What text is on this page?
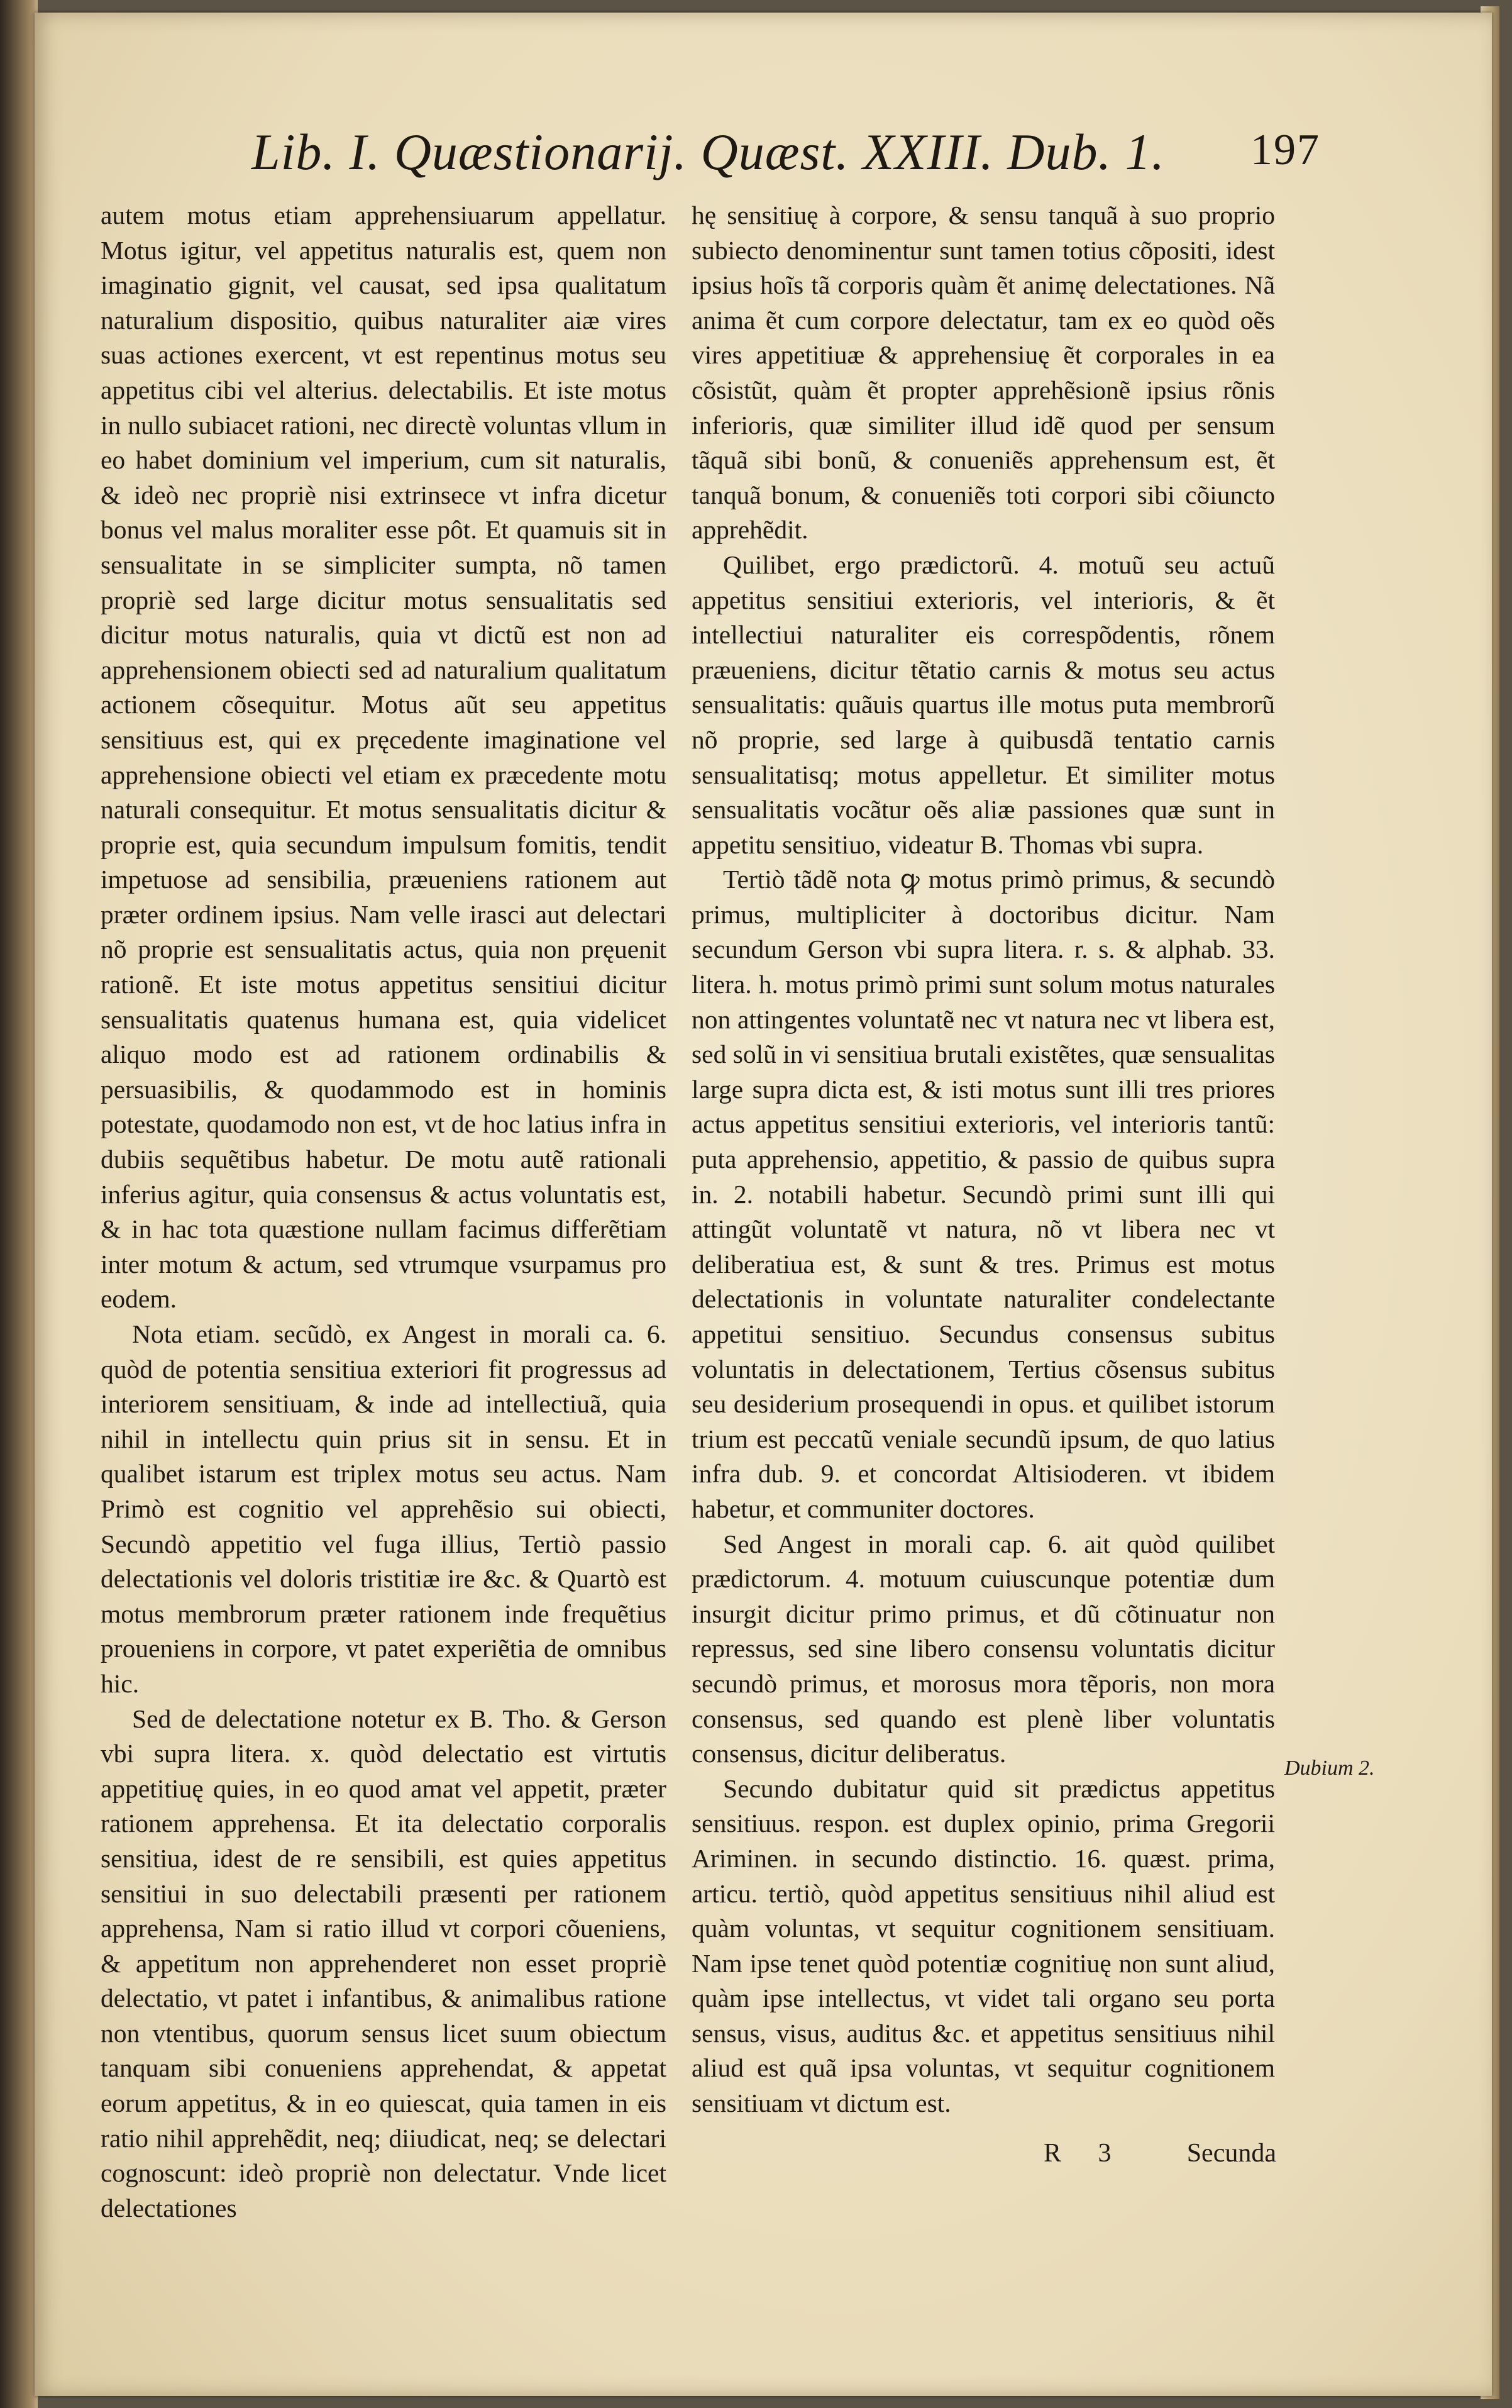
Lib. I. Quæstionarij. Quæst. XXIII. Dub. 1. 197

autem motus etiam apprehensiuarum appellatur. Motus igitur, vel appetitus naturalis est, quem non imaginatio gignit, vel causat, sed ipsa qualitatum naturalium dispositio, quibus naturaliter aiæ vires suas actiones exercent, vt est repentinus motus seu appetitus cibi vel alterius. delectabilis. Et iste motus in nullo subiacet rationi, nec directè voluntas vllum in eo habet dominium vel imperium, cum sit naturalis, & ideò nec propriè nisi extrinsece vt infra dicetur bonus vel malus moraliter esse pôt. Et quamuis sit in sensualitate in se simpliciter sumpta, nõ tamen propriè sed large dicitur motus sensualitatis sed dicitur motus naturalis, quia vt dictũ est non ad apprehensionem obiecti sed ad naturalium qualitatum actionem cõsequitur. Motus aũt seu appetitus sensitiuus est, qui ex pręcedente imaginatione vel apprehensione obiecti vel etiam ex præcedente motu naturali consequitur. Et motus sensualitatis dicitur & proprie est, quia secundum impulsum fomitis, tendit impetuose ad sensibilia, præueniens rationem aut præter ordinem ipsius. Nam velle irasci aut delectari nõ proprie est sensualitatis actus, quia non pręuenit rationẽ. Et iste motus appetitus sensitiui dicitur sensualitatis quatenus humana est, quia videlicet aliquo modo est ad rationem ordinabilis & persuasibilis, & quodammodo est in hominis potestate, quodamodo non est, vt de hoc latius infra in dubiis sequẽtibus habetur. De motu autẽ rationali inferius agitur, quia consensus & actus voluntatis est, & in hac tota quæstione nullam facimus differẽtiam inter motum & actum, sed vtrumque vsurpamus pro eodem.

Nota etiam. secũdò, ex Angest in morali ca. 6. quòd de potentia sensitiua exteriori fit progressus ad interiorem sensitiuam, & inde ad intellectiuã, quia nihil in intellectu quin prius sit in sensu. Et in qualibet istarum est triplex motus seu actus. Nam Primò est cognitio vel apprehẽsio sui obiecti, Secundò appetitio vel fuga illius, Tertiò passio delectationis vel doloris tristitiæ ire &c. & Quartò est motus membrorum præter rationem inde frequẽtius proueniens in corpore, vt patet experiẽtia de omnibus hic.

Sed de delectatione notetur ex B. Tho. & Gerson vbi supra litera. x. quòd delectatio est virtutis appetitiuę quies, in eo quod amat vel appetit, præter rationem apprehensa. Et ita delectatio corporalis sensitiua, idest de re sensibili, est quies appetitus sensitiui in suo delectabili præsenti per rationem apprehensa, Nam si ratio illud vt corpori cõueniens, & appetitum non apprehenderet non esset propriè delectatio, vt patet i infantibus, & animalibus ratione non vtentibus, quorum sensus licet suum obiectum tanquam sibi conueniens apprehendat, & appetat eorum appetitus, & in eo quiescat, quia tamen in eis ratio nihil apprehẽdit, neq; diiudicat, neq; se delectari cognoscunt: ideò propriè non delectatur. Vnde licet delectationes

hę sensitiuę à corpore, & sensu tanquã à suo proprio subiecto denominentur sunt tamen totius cõpositi, idest ipsius hoĩs tã corporis quàm ẽt animę delectationes. Nã anima ẽt cum corpore delectatur, tam ex eo quòd oẽs vires appetitiuæ & apprehensiuę ẽt corporales in ea cõsistũt, quàm ẽt propter apprehẽsionẽ ipsius rõnis inferioris, quæ similiter illud idẽ quod per sensum tãquã sibi bonũ, & conueniẽs apprehensum est, ẽt tanquã bonum, & conueniẽs toti corpori sibi cõiuncto apprehẽdit.

Quilibet, ergo prædictorũ. 4. motuũ seu actuũ appetitus sensitiui exterioris, vel interioris, & ẽt intellectiui naturaliter eis correspõdentis, rõnem præueniens, dicitur tẽtatio carnis & motus seu actus sensualitatis: quãuis quartus ille motus puta membrorũ nõ proprie, sed large à quibusdã tentatio carnis sensualitatisq; motus appelletur. Et similiter motus sensualitatis vocãtur oẽs aliæ passiones quæ sunt in appetitu sensitiuo, videatur B. Thomas vbi supra.

Tertiò tãdẽ nota ꝙ motus primò primus, & secundò primus, multipliciter à doctoribus dicitur. Nam secundum Gerson vbi supra litera. r. s. & alphab. 33. litera. h. motus primò primi sunt solum motus naturales non attingentes voluntatẽ nec vt natura nec vt libera est, sed solũ in vi sensitiua brutali existẽtes, quæ sensualitas large supra dicta est, & isti motus sunt illi tres priores actus appetitus sensitiui exterioris, vel interioris tantũ: puta apprehensio, appetitio, & passio de quibus supra in. 2. notabili habetur. Secundò primi sunt illi qui attingũt voluntatẽ vt natura, nõ vt libera nec vt deliberatiua est, & sunt & tres. Primus est motus delectationis in voluntate naturaliter condelectante appetitui sensitiuo. Secundus consensus subitus voluntatis in delectationem, Tertius cõsensus subitus seu desiderium prosequendi in opus. et quilibet istorum trium est peccatũ veniale secundũ ipsum, de quo latius infra dub. 9. et concordat Altisioderen. vt ibidem habetur, et communiter doctores.

Sed Angest in morali cap. 6. ait quòd quilibet prædictorum. 4. motuum cuiuscunque potentiæ dum insurgit dicitur primo primus, et dũ cõtinuatur non repressus, sed sine libero consensu voluntatis dicitur secundò primus, et morosus mora tẽporis, non mora consensus, sed quando est plenè liber voluntatis consensus, dicitur deliberatus.

Secundo dubitatur quid sit prædictus appetitus sensitiuus. respon. est duplex opinio, prima Gregorii Ariminen. in secundo distinctio. 16. quæst. prima, articu. tertiò, quòd appetitus sensitiuus nihil aliud est quàm voluntas, vt sequitur cognitionem sensitiuam. Nam ipse tenet quòd potentiæ cognitiuę non sunt aliud, quàm ipse intellectus, vt videt tali organo seu porta sensus, visus, auditus &c. et appetitus sensitiuus nihil aliud est quã ipsa voluntas, vt sequitur cognitionem sensitiuam vt dictum est.

Dubium 2.
R 3 Secunda
